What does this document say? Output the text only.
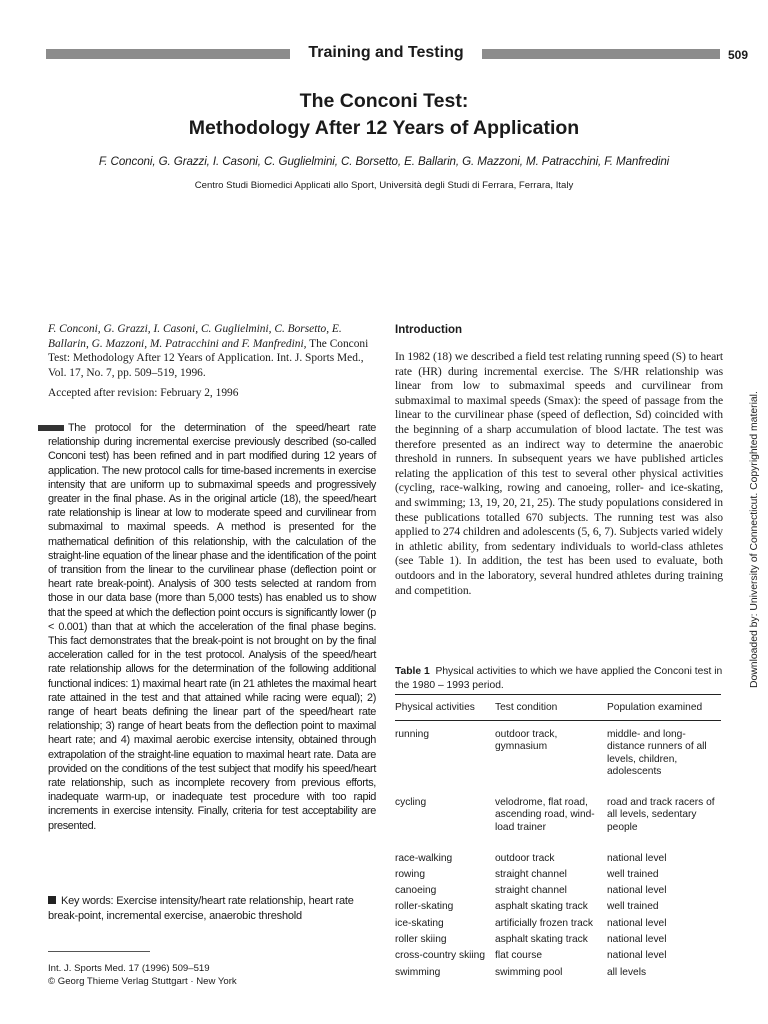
Training and Testing	509
The Conconi Test:
Methodology After 12 Years of Application
F. Conconi, G. Grazzi, I. Casoni, C. Guglielmini, C. Borsetto, E. Ballarin, G. Mazzoni, M. Patracchini, F. Manfredini
Centro Studi Biomedici Applicati allo Sport, Università degli Studi di Ferrara, Ferrara, Italy
F. Conconi, G. Grazzi, I. Casoni, C. Guglielmini, C. Borsetto, E. Ballarin, G. Mazzoni, M. Patracchini and F. Manfredini, The Conconi Test: Methodology After 12 Years of Application. Int. J. Sports Med., Vol. 17, No. 7, pp. 509–519, 1996.
Accepted after revision: February 2, 1996
The protocol for the determination of the speed/heart rate relationship during incremental exercise previously described (so-called Conconi test) has been refined and in part modified during 12 years of application. The new protocol calls for time-based increments in exercise intensity that are uniform up to submaximal speeds and progressively greater in the final phase. As in the original article (18), the speed/heart rate relationship is linear at low to moderate speed and curvilinear from submaximal to maximal speeds. A method is presented for the mathematical definition of this relationship, with the calculation of the straight-line equation of the linear phase and the identification of the point of transition from the linear to the curvilinear phase (deflection point or heart rate break-point). Analysis of 300 tests selected at random from those in our data base (more than 5,000 tests) has enabled us to show that the speed at which the deflection point occurs is significantly lower (p < 0.001) than that at which the acceleration of the final phase begins. This fact demonstrates that the break-point is not brought on by the final acceleration called for in the test protocol. Analysis of the speed/heart rate relationship allows for the determination of the following additional functional indices: 1) maximal heart rate (in 21 athletes the maximal heart rate attained in the test and that attained while racing were equal); 2) range of heart beats defining the linear part of the speed/heart rate relationship; 3) range of heart beats from the deflection point to maximal heart rate; and 4) maximal aerobic exercise intensity, obtained through extrapolation of the straight-line equation to maximal heart rate. Data are provided on the conditions of the test subject that modify his speed/heart rate relationship, such as incomplete recovery from previous efforts, inadequate warm-up, or inadequate test procedure with too rapid increments in exercise intensity. Finally, criteria for test acceptability are presented.
Key words: Exercise intensity/heart rate relationship, heart rate break-point, incremental exercise, anaerobic threshold
Int. J. Sports Med. 17 (1996) 509–519
© Georg Thieme Verlag Stuttgart · New York
Introduction
In 1982 (18) we described a field test relating running speed (S) to heart rate (HR) during incremental exercise. The S/HR relationship was linear from low to submaximal speeds and curvilinear from submaximal to maximal speeds (Smax): the speed of passage from the linear to the curvilinear phase (speed of deflection, Sd) coincided with the beginning of a sharp accumulation of blood lactate. The test was therefore presented as an indirect way to determine the anaerobic threshold in runners. In subsequent years we have published articles relating the application of this test to several other physical activities (cycling, race-walking, rowing and canoeing, roller- and ice-skating, and swimming; 13, 19, 20, 21, 25). The study populations considered in these publications totalled 670 subjects. The running test was also applied to 274 children and adolescents (5, 6, 7). Subjects varied widely in athletic ability, from sedentary individuals to world-class athletes (see Table 1). In addition, the test has been used to evaluate, both outdoors and in the laboratory, several hundred athletes during training and competition.
Table 1 Physical activities to which we have applied the Conconi test in the 1980 – 1993 period.
Physical activities	Test condition	Population examined

running	outdoor track, gymnasium	middle- and long-distance runners of all levels, children, adolescents
cycling	velodrome, flat road, ascending road, wind-load trainer	road and track racers of all levels, sedentary people
race-walking	outdoor track	national level
rowing	straight channel	well trained
canoeing	straight channel	national level
roller-skating	asphalt skating track	well trained
ice-skating	artificially frozen track	national level
roller skiing	asphalt skating track	national level
cross-country skiing	flat course	national level
swimming	swimming pool	all levels
Downloaded by: University of Connecticut. Copyrighted material.
